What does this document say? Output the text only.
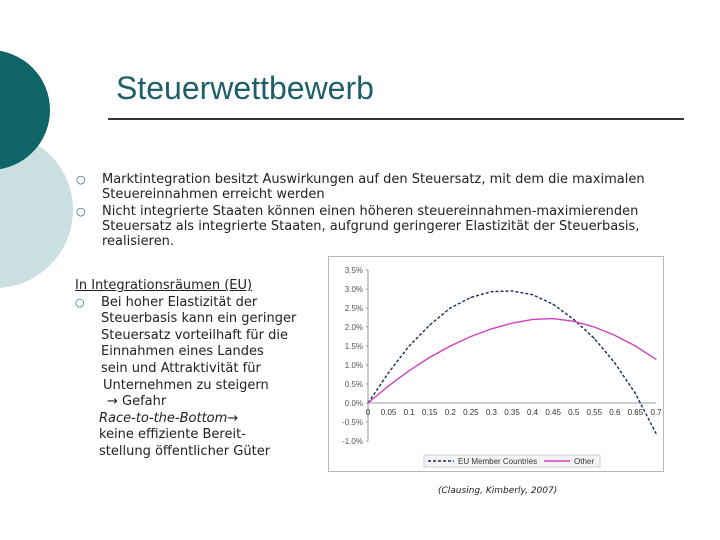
Steuerwettbewerb
○ Marktintegration besitzt Auswirkungen auf den Steuersatz, mit dem die maximalen Steuereinnahmen erreicht werden
○ Nicht integrierte Staaten können einen höheren steuereinnahmen-maximierenden Steuersatz als integrierte Staaten, aufgrund geringerer Elastizität der Steuerbasis, realisieren.
In Integrationsräumen (EU)
○ Bei hoher Elastizität der
Steuerbasis kann ein geringer
Steuersatz vorteilhaft für die
Einnahmen eines Landes
sein und Attraktivität für
Unternehmen zu steigern
→ Gefahr
Race-to-the-Bottom→
keine effiziente Bereit-
stellung öffentlicher Güter
3.5%
3.0%
2.5%
2.0%
1.5%
1.0%
0.5%
0.0%
-0.5%
-1.0%
0 0.05 0.1 0.15 0.2 0.25 0.3 0.35 0.4 0.45 0.5 0.55 0.6 0.65 0.7
EU Member Countries	Other
(Clausing, Kimberly, 2007)
